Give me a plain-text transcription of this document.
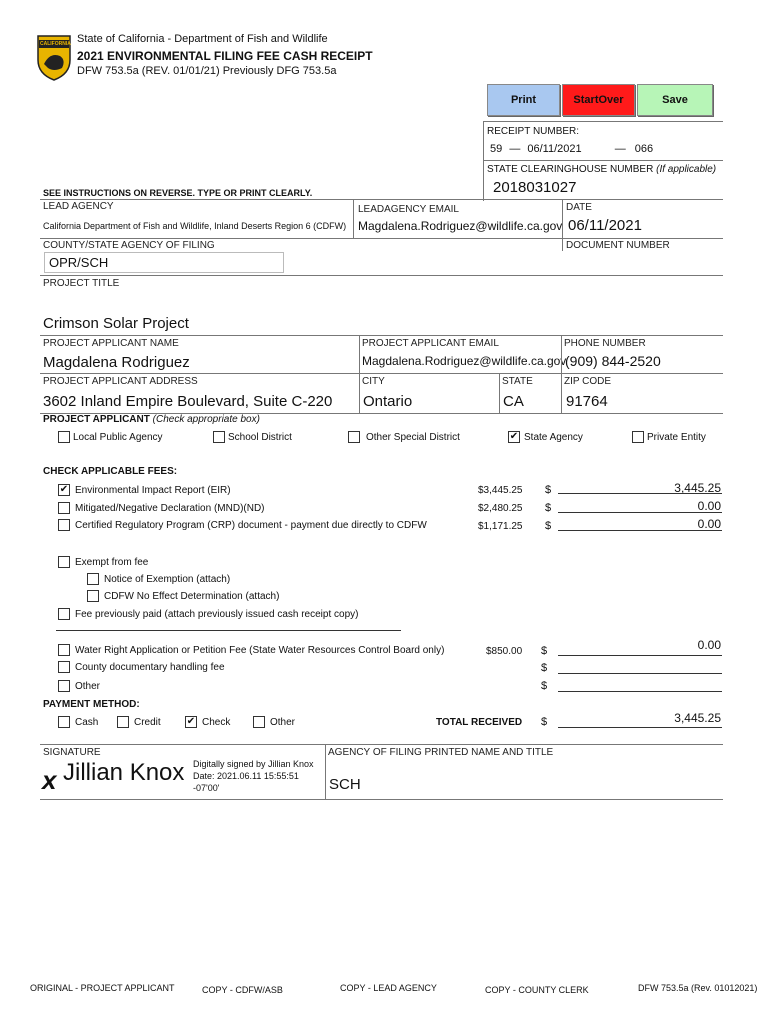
CALIFORNIA State of California - Department of Fish and Wildlife
2021 ENVIRONMENTAL FILING FEE CASH RECEIPT
DFW 753.5a (REV. 01/01/21) Previously DFG 753.5a
Print	StartOver	Save
RECEIPT NUMBER:
59 — 06/11/2021	— 066
STATE CLEARINGHOUSE NUMBER (If applicable)
2018031027
SEE INSTRUCTIONS ON REVERSE. TYPE OR PRINT CLEARLY.
LEAD AGENCY
California Department of Fish and Wildlife, Inland Deserts Region 6 (CDFW)
LEADAGENCY EMAIL
Magdalena.Rodriguez@wildlife.ca.gov
DATE
06/11/2021
COUNTY/STATE AGENCY OF FILING	DOCUMENT NUMBER
OPR/SCH
PROJECT TITLE
Crimson Solar Project
PROJECT APPLICANT NAME
Magdalena Rodriguez
PROJECT APPLICANT EMAIL
Magdalena.Rodriguez@wildlife.ca.gov
PHONE NUMBER
(909) 844-2520
PROJECT APPLICANT ADDRESS
3602 Inland Empire Boulevard, Suite C-220
CITY
Ontario
STATE
CA
ZIP CODE
91764
PROJECT APPLICANT (Check appropriate box)
Local Public Agency	School District	Other Special District	✔ State Agency	Private Entity
CHECK APPLICABLE FEES:
✔ Environmental Impact Report (EIR)	$3,445.25 $	3,445.25
Mitigated/Negative Declaration (MND)(ND)	$2,480.25 $	0.00
Certified Regulatory Program (CRP) document - payment due directly to CDFW	$1,171.25 $	0.00
Exempt from fee
Notice of Exemption (attach)
CDFW No Effect Determination (attach)
Fee previously paid (attach previously issued cash receipt copy)
Water Right Application or Petition Fee (State Water Resources Control Board only)	$850.00 $	0.00
County documentary handling fee	$
Other	$
PAYMENT METHOD:
Cash	Credit	✔ Check	Other	TOTAL RECEIVED $	3,445.25
SIGNATURE
x Jillian Knox Digitally signed by Jillian Knox
Date: 2021.06.11 15:55:51
-07'00'
AGENCY OF FILING PRINTED NAME AND TITLE
SCH
ORIGINAL - PROJECT APPLICANT	COPY - CDFW/ASB	COPY - LEAD AGENCY	COPY - COUNTY CLERK	DFW 753.5a (Rev. 01012021)
